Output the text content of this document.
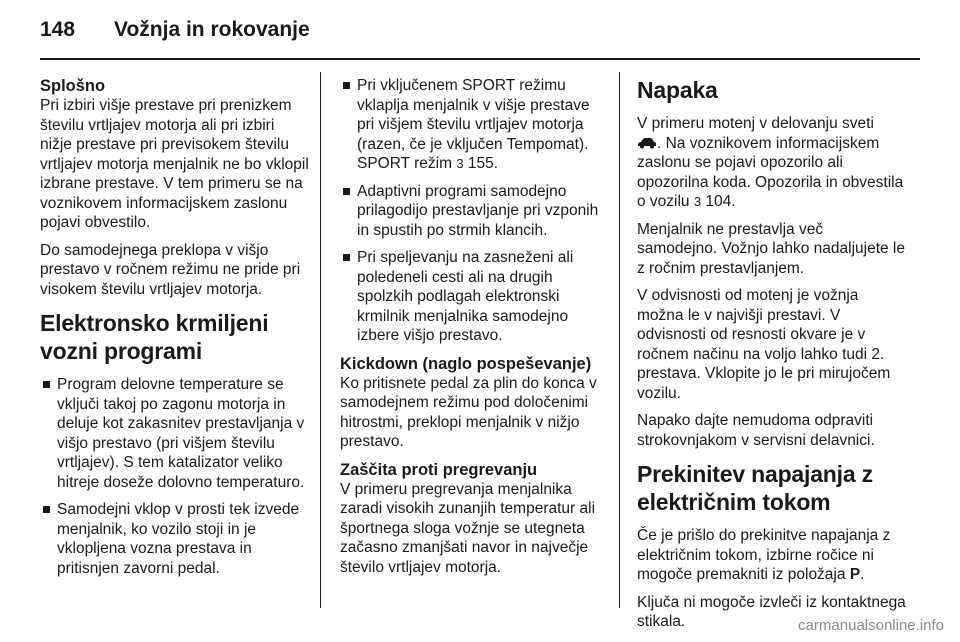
148 Vožnja in rokovanje
Splošno

Pri izbiri višje prestave pri prenizkem številu vrtljajev motorja ali pri izbiri nižje prestave pri previsokem številu vrtljajev motorja menjalnik ne bo vklopil izbrane prestave. V tem primeru se na voznikovem informacijskem zaslonu pojavi obvestilo.

Do samodejnega preklopa v višjo prestavo v ročnem režimu ne pride pri visokem številu vrtljajev motorja.

Elektronsko krmiljeni vozni programi
Program delovne temperature se vključi takoj po zagonu motorja in deluje kot zakasnitev prestavljanja v višjo prestavo (pri višjem številu vrtljajev). S tem katalizator veliko hitreje doseže dolovno temperaturo.
Samodejni vklop v prosti tek izvede menjalnik, ko vozilo stoji in je vklopljena vozna prestava in pritisnjen zavorni pedal.
Pri vključenem SPORT režimu vklaplja menjalnik v višje prestave pri višjem številu vrtljajev motorja (razen, če je vključen Tempomat). SPORT režim 3 155.
Adaptivni programi samodejno prilagodijo prestavljanje pri vzponih in spustih po strmih klancih.
Pri speljevanju na zasneženi ali poledeneli cesti ali na drugih spolzkih podlagah elektronski krmilnik menjalnika samodejno izbere višjo prestavo.
Kickdown (naglo pospeševanje)

Ko pritisnete pedal za plin do konca v samodejnem režimu pod določenimi hitrostmi, preklopi menjalnik v nižjo prestavo.

Zaščita proti pregrevanju

V primeru pregrevanja menjalnika zaradi visokih zunanjih temperatur ali športnega sloga vožnje se utegneta začasno zmanjšati navor in največje število vrtljajev motorja.

Napaka

V primeru motenj v delovanju sveti
. Na voznikovem informacijskem zaslonu se pojavi opozorilo ali opozorilna koda. Opozorila in obvestila o vozilu 3 104.

Menjalnik ne prestavlja več samodejno. Vožnjo lahko nadaljujete le z ročnim prestavljanjem.

V odvisnosti od motenj je vožnja možna le v najvišji prestavi. V odvisnosti od resnosti okvare je v ročnem načinu na voljo lahko tudi 2. prestava. Vklopite jo le pri mirujočem vozilu.

Napako dajte nemudoma odpraviti strokovnjakom v servisni delavnici.

Prekinitev napajanja z električnim tokom

Če je prišlo do prekinitve napajanja z električnim tokom, izbirne ročice ni mogoče premakniti iz položaja P.

Ključa ni mogoče izvleči iz kontaktnega stikala.	carmanualsonline.info
